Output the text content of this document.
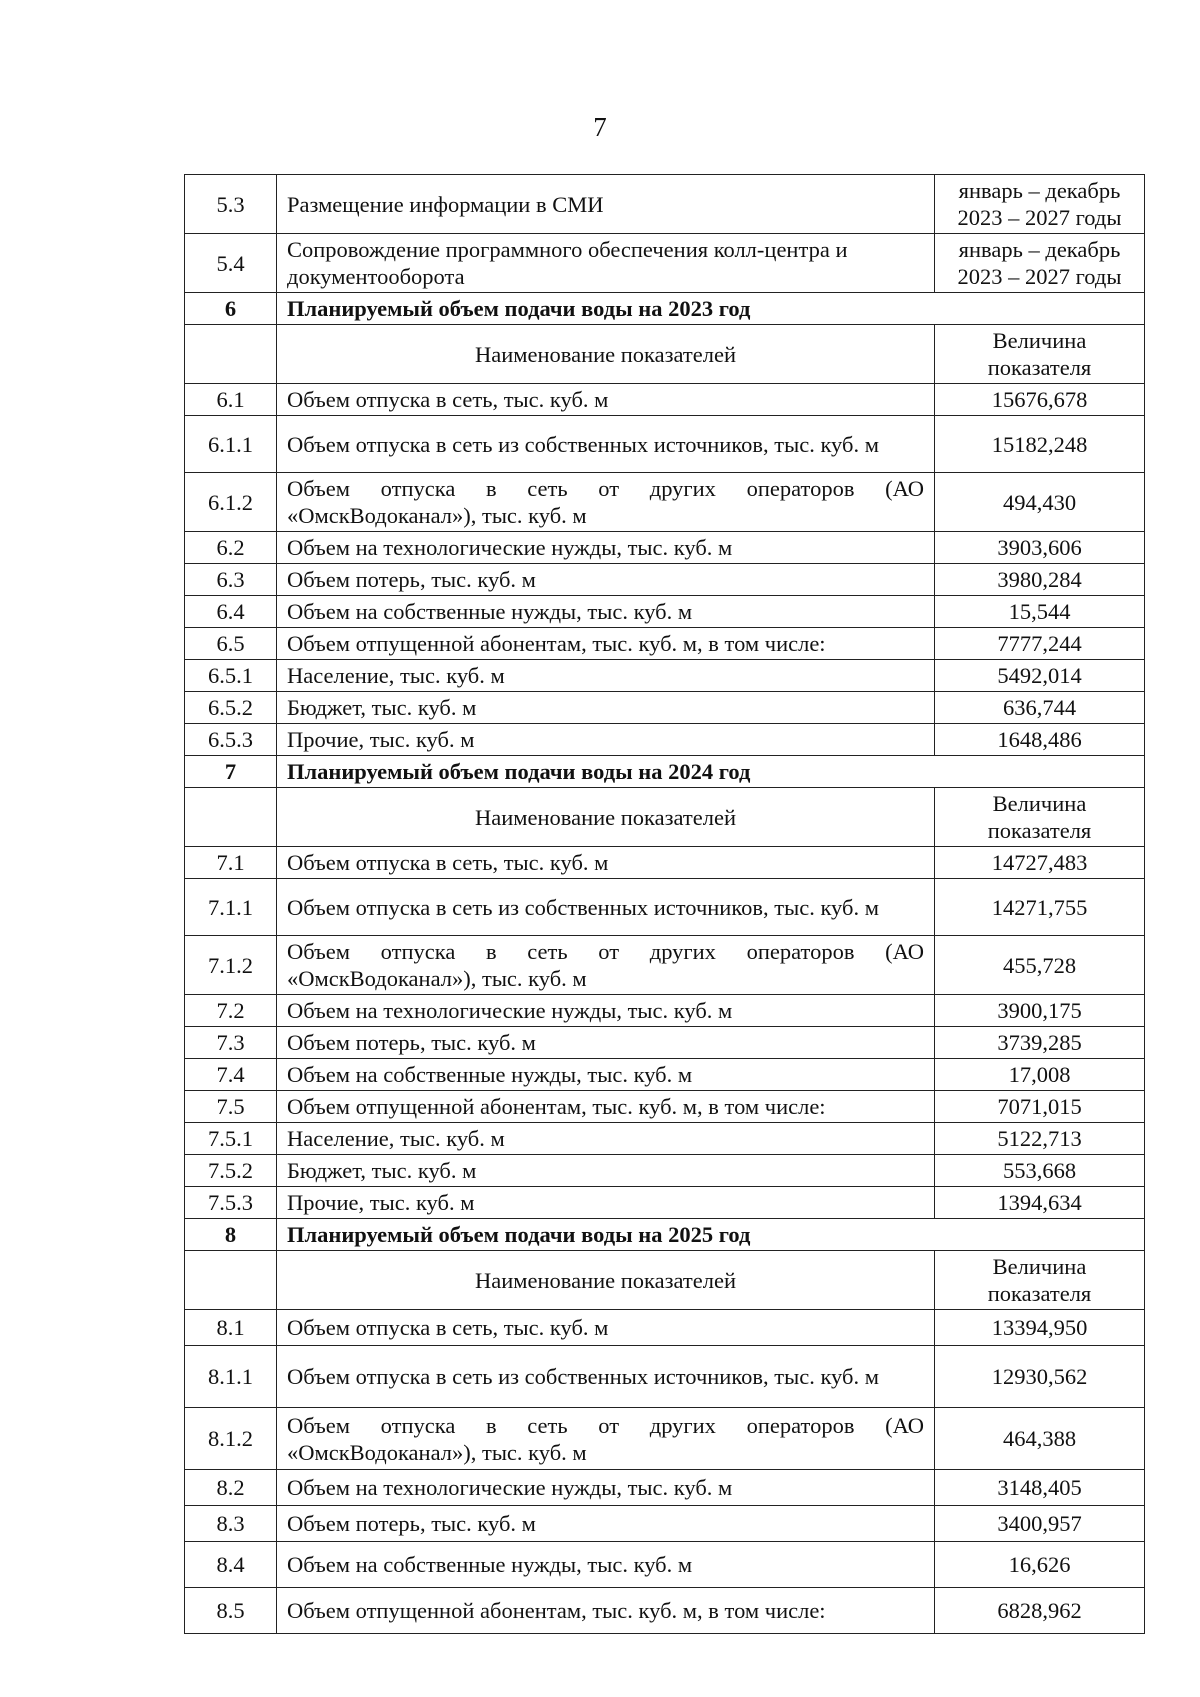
7
5.3	Размещение информации в СМИ	январь – декабрь 2023 – 2027 годы
5.4	Сопровождение программного обеспечения колл-центра и документооборота	январь – декабрь 2023 – 2027 годы
6	Планируемый объем подачи воды на 2023 год	
	Наименование показателей	Величина показателя
6.1	Объем отпуска в сеть, тыс. куб. м	15676,678
6.1.1	Объем отпуска в сеть из собственных источников, тыс. куб. м	15182,248
6.1.2	Объем отпуска в сеть от других операторов (АО «ОмскВодоканал»), тыс. куб. м	494,430
6.2	Объем на технологические нужды, тыс. куб. м	3903,606
6.3	Объем потерь, тыс. куб. м	3980,284
6.4	Объем на собственные нужды, тыс. куб. м	15,544
6.5	Объем отпущенной абонентам, тыс. куб. м, в том числе:	7777,244
6.5.1	Население, тыс. куб. м	5492,014
6.5.2	Бюджет, тыс. куб. м	636,744
6.5.3	Прочие, тыс. куб. м	1648,486
7	Планируемый объем подачи воды на 2024 год	
	Наименование показателей	Величина показателя
7.1	Объем отпуска в сеть, тыс. куб. м	14727,483
7.1.1	Объем отпуска в сеть из собственных источников, тыс. куб. м	14271,755
7.1.2	Объем отпуска в сеть от других операторов (АО «ОмскВодоканал»), тыс. куб. м	455,728
7.2	Объем на технологические нужды, тыс. куб. м	3900,175
7.3	Объем потерь, тыс. куб. м	3739,285
7.4	Объем на собственные нужды, тыс. куб. м	17,008
7.5	Объем отпущенной абонентам, тыс. куб. м, в том числе:	7071,015
7.5.1	Население, тыс. куб. м	5122,713
7.5.2	Бюджет, тыс. куб. м	553,668
7.5.3	Прочие, тыс. куб. м	1394,634
8	Планируемый объем подачи воды на 2025 год	
	Наименование показателей	Величина показателя
8.1	Объем отпуска в сеть, тыс. куб. м	13394,950
8.1.1	Объем отпуска в сеть из собственных источников, тыс. куб. м	12930,562
8.1.2	Объем отпуска в сеть от других операторов (АО «ОмскВодоканал»), тыс. куб. м	464,388
8.2	Объем на технологические нужды, тыс. куб. м	3148,405
8.3	Объем потерь, тыс. куб. м	3400,957
8.4	Объем на собственные нужды, тыс. куб. м	16,626
8.5	Объем отпущенной абонентам, тыс. куб. м, в том числе:	6828,962
